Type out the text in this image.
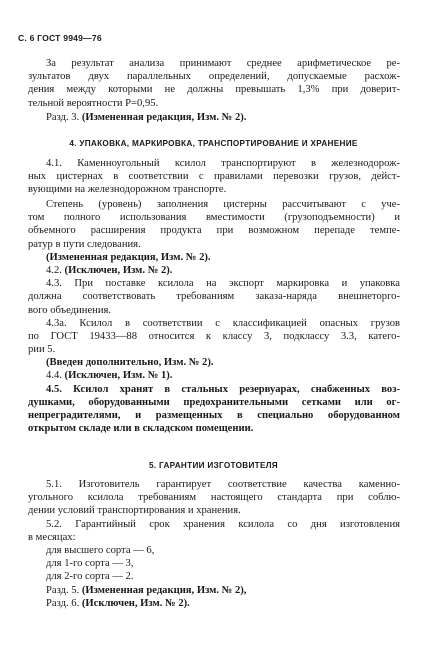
С. 6 ГОСТ 9949—76
За результат анализа принимают среднее арифметическое ре-
зультатов двух параллельных определений, допускаемые расхож-
дения между которыми не должны превышать 1,3% при доверит-
тельной вероятности P=0,95.
Разд. 3. (Измененная редакция, Изм. № 2).
4. УПАКОВКА, МАРКИРОВКА, ТРАНСПОРТИРОВАНИЕ И ХРАНЕНИЕ
4.1. Каменноугольный ксилол транспортируют в железнодорож-
ных цистернах в соответствии с правилами перевозки грузов, дейст-
вующими на железнодорожном транспорте.
Степень (уровень) заполнения цистерны рассчитывают с уче-
том полного использования вместимости (грузоподъемности) и
объемного расширения продукта при возможном перепаде темпе-
ратур в пути следования.
(Измененная редакция, Изм. № 2).
4.2. (Исключен, Изм. № 2).
4.3. При поставке ксилола на экспорт маркировка и упаковка
должна соответствовать требованиям заказа-наряда внешнеторго-
вого объединения.
4.3а. Ксилол в соответствии с классификацией опасных грузов
по ГОСТ 19433—88 относится к классу 3, подклассу 3.3, катего-
рии 5.
(Введен дополнительно, Изм. № 2).
4.4. (Исключен, Изм. № 1).
4.5. Ксилол хранят в стальных резервуарах, снабженных воз-
душками, оборудованными предохранительными сетками или ог-
непреградителями, и размещенных в специально оборудованном
открытом складе или в складском помещении.
5. ГАРАНТИИ ИЗГОТОВИТЕЛЯ
5.1. Изготовитель гарантирует соответствие качества каменно-
угольного ксилола требованиям настоящего стандарта при соблю-
дении условий транспортирования и хранения.
5.2. Гарантийный срок хранения ксилола со дня изготовления
в месяцах:
для высшего сорта — 6,
для 1-го сорта — 3,
для 2-го сорта — 2.
Разд. 5. (Измененная редакция, Изм. № 2),
Разд. 6. (Исключен, Изм. № 2).
